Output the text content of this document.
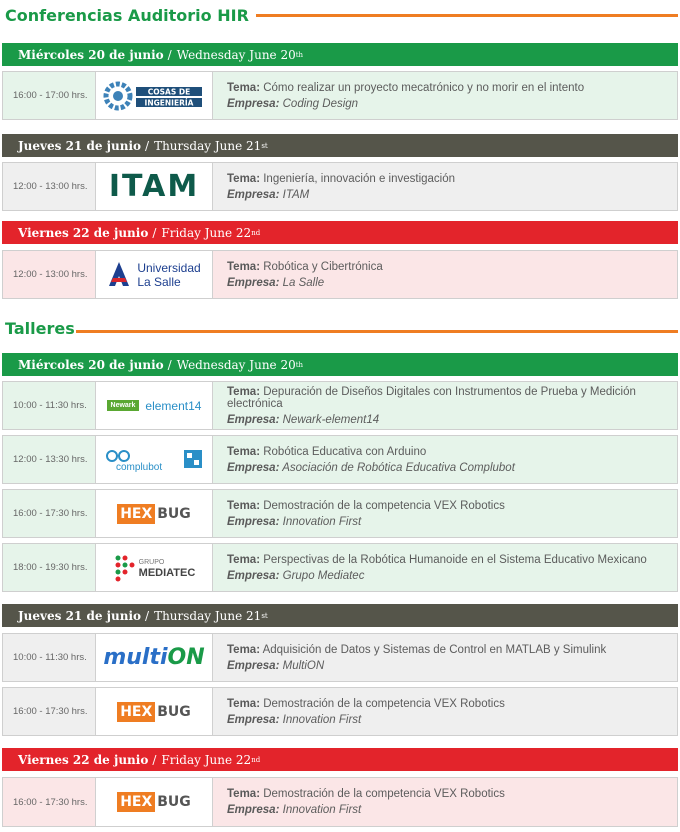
Conferencias Auditorio HIR
Miércoles 20 de junio / Wednesday June 20 th
16:00 - 17:00 hrs.	COSAS DE
INGENIERÍA
Tema: Cómo realizar un proyecto mecatrónico y no morir en el intento
Empresa: Coding Design
Jueves 21 de junio / Thursday June 21 st
12:00 - 13:00 hrs. ITAM Tema: Ingeniería, innovación e investigación
Empresa: ITAM
Viernes 22 de junio / Friday June 22 nd
12:00 - 13:00 hrs.	Universidad
La Salle
Tema: Robótica y Cibertrónica
Empresa: La Salle
Talleres
Miércoles 20 de junio / Wednesday June 20 th
10:00 - 11:30 hrs.	Newark element14
Tema: Depuración de Diseños Digitales con Instrumentos de Prueba y Medición electrónica
Empresa: Newark-element14
12:00 - 13:30 hrs.
complubot
Tema: Robótica Educativa con Arduino
Empresa: Asociación de Robótica Educativa Complubot
16:00 - 17:30 hrs.	HEX BUG	Tema: Demostración de la competencia VEX Robotics
Empresa: Innovation First
18:00 - 19:30 hrs.	GRUPO
MEDIATEC
Tema: Perspectivas de la Robótica Humanoide en el Sistema Educativo Mexicano
Empresa: Grupo Mediatec
Jueves 21 de junio / Thursday June 21 st
10:00 - 11:30 hrs. multiON Tema: Adquisición de Datos y Sistemas de Control en MATLAB y Simulink
Empresa: MultiON
16:00 - 17:30 hrs.	HEX BUG	Tema: Demostración de la competencia VEX Robotics
Empresa: Innovation First
Viernes 22 de junio / Friday June 22 nd
16:00 - 17:30 hrs.	HEX BUG	Tema: Demostración de la competencia VEX Robotics
Empresa: Innovation First
